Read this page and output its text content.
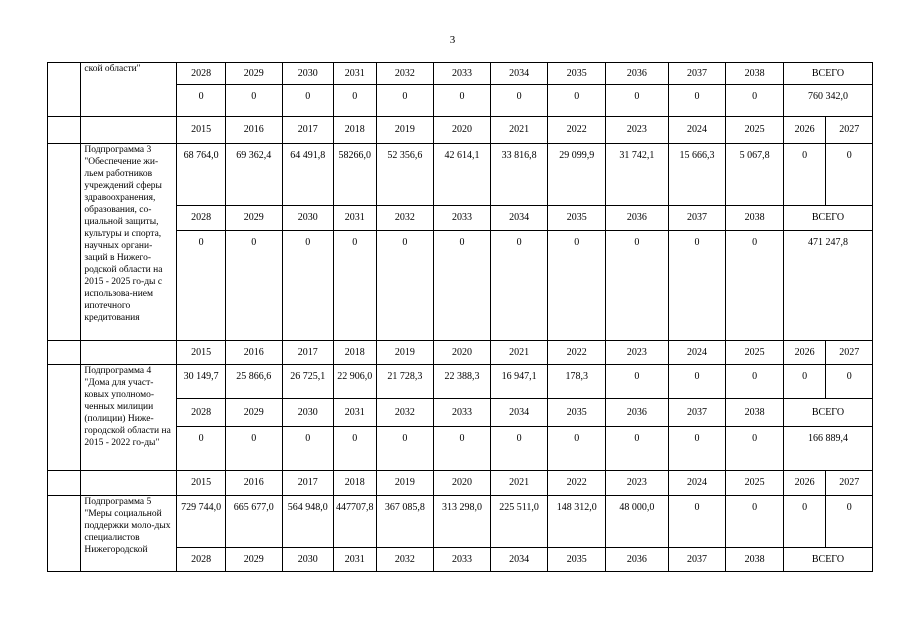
3
	ской области"	2028	2029	2030	2031	2032	2033	2034	2035	2036	2037	2038	ВСЕГО	
		0	0	0	0	0	0	0	0	0	0	0	760 342,0	
		2015	2016	2017	2018	2019	2020	2021	2022	2023	2024	2025	2026	2027
	Подпрограмма 3 "Обеспечение жи-льем работников учреждений сферы здравоохранения, образования, со-циальной защиты, культуры и спорта, научных органи-заций в Нижего-родской области на 2015 - 2025 го-ды с использова-нием ипотечного кредитования	68 764,0	69 362,4	64 491,8	58266,0	52 356,6	42 614,1	33 816,8	29 099,9	31 742,1	15 666,3	5 067,8	0	0
		2028	2029	2030	2031	2032	2033	2034	2035	2036	2037	2038	ВСЕГО	
		0	0	0	0	0	0	0	0	0	0	0	471 247,8	
		2015	2016	2017	2018	2019	2020	2021	2022	2023	2024	2025	2026	2027
	Подпрограмма 4 "Дома для участ-ковых уполномо-ченных милиции (полиции) Ниже-городской области на 2015 - 2022 го-ды"	30 149,7	25 866,6	26 725,1	22 906,0	21 728,3	22 388,3	16 947,1	178,3	0	0	0	0	0
		2028	2029	2030	2031	2032	2033	2034	2035	2036	2037	2038	ВСЕГО	
		0	0	0	0	0	0	0	0	0	0	0	166 889,4	
		2015	2016	2017	2018	2019	2020	2021	2022	2023	2024	2025	2026	2027
	Подпрограмма 5 "Меры социальной поддержки моло-дых специалистов Нижегородской	729 744,0	665 677,0	564 948,0	447707,8	367 085,8	313 298,0	225 511,0	148 312,0	48 000,0	0	0	0	0
		2028	2029	2030	2031	2032	2033	2034	2035	2036	2037	2038	ВСЕГО	
